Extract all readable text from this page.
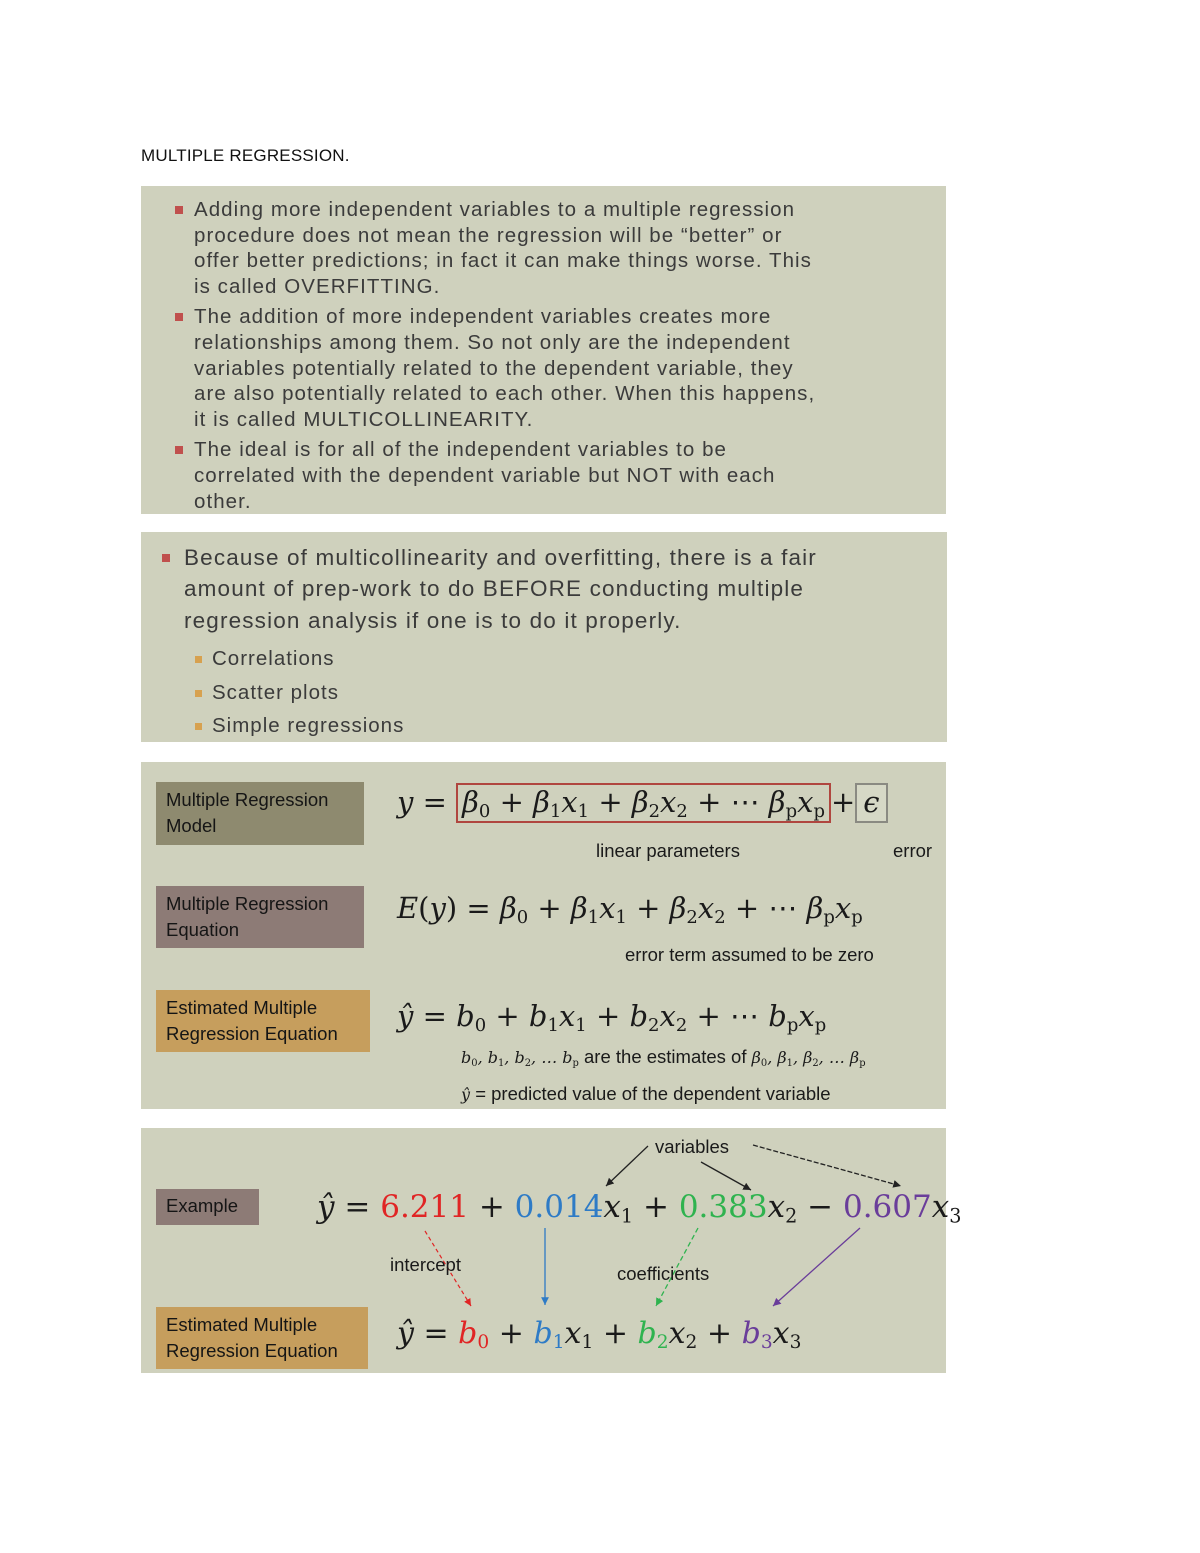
MULTIPLE REGRESSION.
Adding more independent variables to a multiple regression
procedure does not mean the regression will be “better” or
offer better predictions; in fact it can make things worse. This
is called OVERFITTING.
The addition of more independent variables creates more
relationships among them. So not only are the independent
variables potentially related to the dependent variable, they
are also potentially related to each other. When this happens,
it is called MULTICOLLINEARITY.
The ideal is for all of the independent variables to be
correlated with the dependent variable but NOT with each
other.
Because of multicollinearity and overfitting, there is a fair
amount of prep-work to do BEFORE conducting multiple
regression analysis if one is to do it properly.
Correlations
Scatter plots
Simple regressions
Multiple Regression
Model
$y = \beta_0 + \beta_1x_1 + \beta_2x_2$ + ⋯ $\beta_px_p + \epsilon$
linear parameters	error
Multiple Regression
Equation
$E(y) = \beta_0 + \beta_1x_1 + \beta_2x_2$ + ⋯ $\beta_px_p$
error term assumed to be zero
Estimated Multiple
Regression Equation
ŷ = $b_0 + b_1x_1 + b_2x_2$ + ⋯ $b_px_p$
$b_0$, $b_1$, $b_2$, … $b_p$ are the estimates of $\beta_0$, $\beta_1$, $\beta_2$, … $\beta_p$
ŷ = predicted value of the dependent variable
variables
Example	ŷ = $6.211 + 0.014x_1 + 0.383x_2 - 0.607x_3$
intercept	coefficients
Estimated Multiple
Regression Equation	ŷ = $b_0 + b_1x_1 + b_2x_2 + b_3x_3$
